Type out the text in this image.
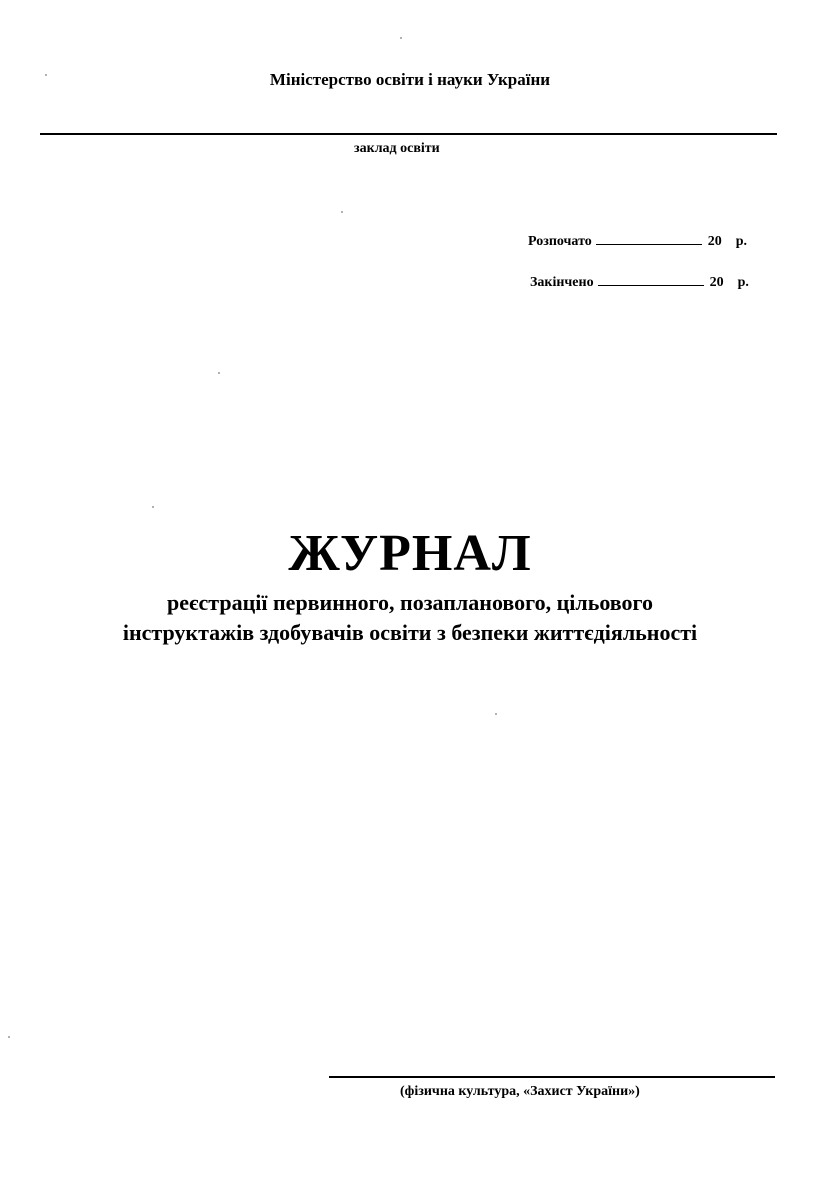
Міністерство освіти і науки України
заклад освіти
Розпочато	20 р.
Закінчено	20 р.
ЖУРНАЛ
реєстрації первинного, позапланового, цільового
інструктажів здобувачів освіти з безпеки життєдіяльності
(фізична культура, «Захист України»)
